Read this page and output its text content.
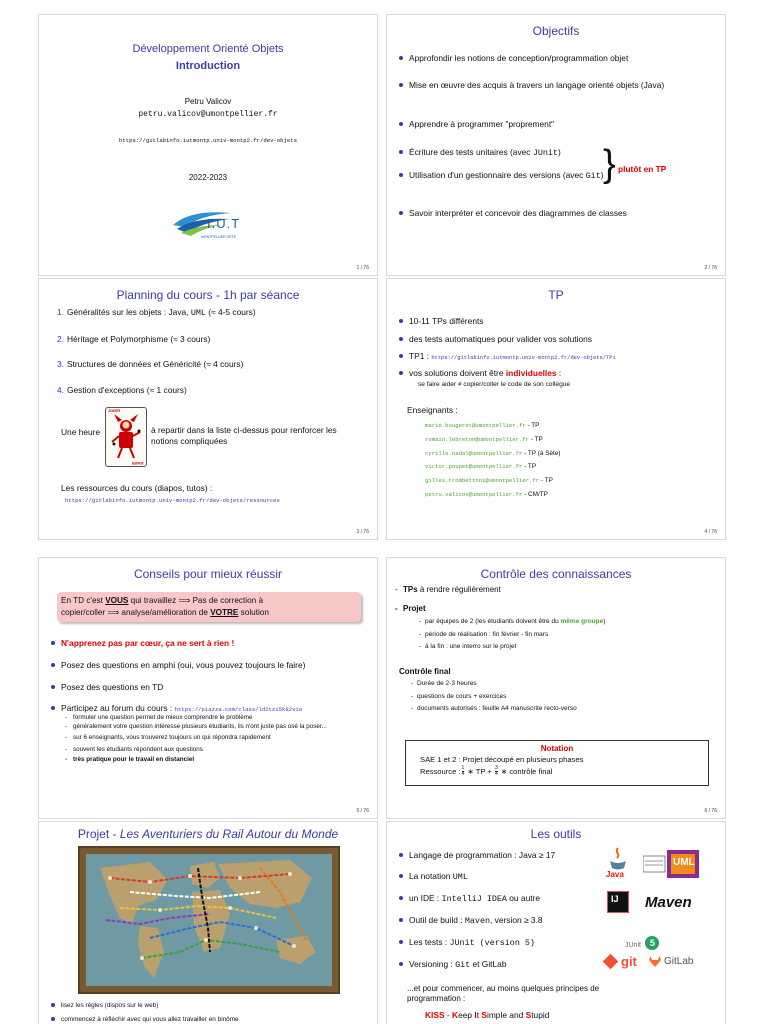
Développement Orienté Objets
Introduction
Petru Valicov
petru.valicov@umontpellier.fr
https://gitlabinfo.iutmontp.univ-montp2.fr/dev-objets
2022-2023
I.U.T
MONTPELLIER-SÈTE
1 / 76
Objectifs
Approfondir les notions de conception/programmation objet
Mise en œuvre des acquis à travers un langage orienté objets (Java)
Apprendre à programmer "proprement"
Écriture des tests unitaires (avec JUnit)
Utilisation d'un gestionnaire des versions (avec Git) } plutôt en TP
Savoir interpréter et concevoir des diagrammes de classes
2 / 76
Planning du cours - 1h par séance
1. Généralités sur les objets : Java, UML (≈ 4-5 cours)
2. Héritage et Polymorphisme (≈ 3 cours)
3. Structures de données et Généricité (≈ 4 cours)
4. Gestion d'exceptions (≈ 1 cours)
Une heure
JOKER
JOKER
à repartir dans la liste ci-dessus pour renforcer les notions compliquées
Les ressources du cours (diapos, tutos) :
https://gitlabinfo.iutmontp.univ-montp2.fr/dev-objets/ressources
3 / 76
TP
10-11 TPs différents
des tests automatiques pour valider vos solutions
TP1 : https://gitlabinfo.iutmontp.univ-montp2.fr/dev-objets/TP1
vos solutions doivent être individuelles :
se faire aider ≠ copier/coller le code de son collègue
Enseignants :
marin.bougeret@umontpellier.fr - TP
romain.lebreton@umontpellier.fr - TP
cyrille.nadal@umontpellier.fr - TP (à Sète)
victor.poupet@umontpellier.fr - TP
gilles.trombettoni@umontpellier.fr - TP
petru.valicov@umontpellier.fr - CM/TP
4 / 76
Conseils pour mieux réussir
En TD c'est VOUS qui travaillez ⟹ Pas de correction à
copier/coller ⟹ analyse/amélioration de VOTRE solution
N'apprenez pas par cœur, ça ne sert à rien !
Posez des questions en amphi (oui, vous pouvez toujours le faire)
Posez des questions en TD
Participez au forum du cours : https://piazza.com/class/ld2tzi5k82via
- formuler une question permet de mieux comprendre le problème
- généralement votre question intéresse plusieurs étudiants, ils n'ont juste pas osé la poser...
- sur 6 enseignants, vous trouverez toujours un qui répondra rapidement
- souvent les étudiants répondent aux questions
- très pratique pour le travail en distanciel
5 / 76
Contrôle des connaissances
- TPs à rendre régulièrement
- Projet
- par équipes de 2 (les étudiants doivent être du même groupe)
- période de réalisation : fin février - fin mars
- à la fin : une interro sur le projet
Contrôle final
- Durée de 2-3 heures
- questions de cours + exercices
- documents autorisés : feuille A4 manuscrite recto-verso
Notation
SAE 1 et 2 : Projet découpé en plusieurs phases
Ressource : 1
4 ∗ TP + $\frac{3}{4}$ ∗ contrôle final
6 / 76
Projet - Les Aventuriers du Rail Autour du Monde
lisez les règles (dispos sur le web)
commencez à réfléchir avec qui vous allez travailler en binôme
Les outils
Langage de programmation : Java ≥ 17
La notation UML
un IDE : IntelliJ IDEA ou autre
Outil de build : Maven, version ≥ 3.8
Les tests : JUnit (version 5)
Versioning : Git et GitLab
Java
UML
IJ Maven
JUnit 5
git	GitLab
...et pour commencer, au moins quelques principes de programmation :
KISS - Keep It Simple and Stupid
